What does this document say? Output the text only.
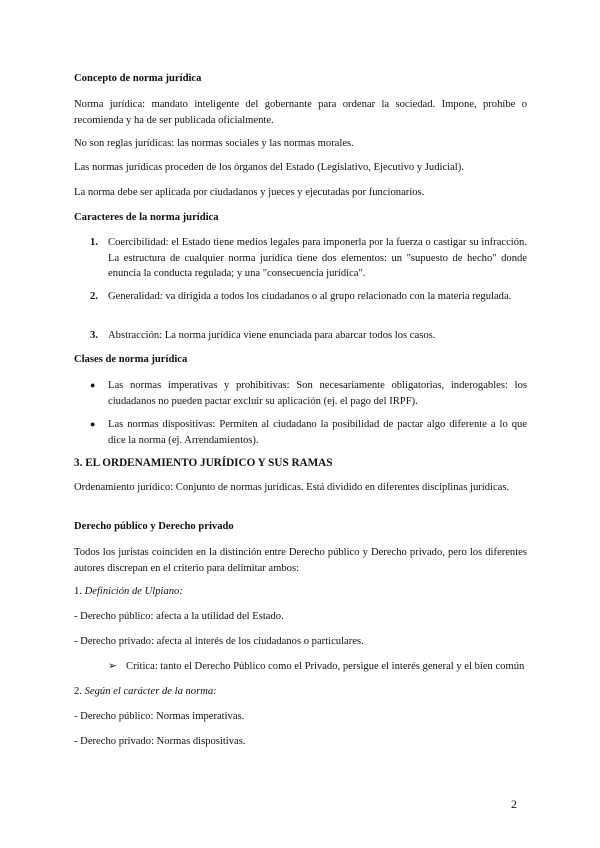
Concepto de norma jurídica
Norma jurídica: mandato inteligente del gobernante para ordenar la sociedad. Impone, prohíbe o recomienda y ha de ser publicada oficialmente.
No son reglas jurídicas: las normas sociales y las normas morales.
Las normas jurídicas proceden de los órganos del Estado (Legislativo, Ejecutivo y Judicial).
La norma debe ser aplicada por ciudadanos y jueces y ejecutadas por funcionarios.
Caracteres de la norma jurídica
1. Coercibilidad: el Estado tiene medios legales para imponerla por la fuerza o castigar su infracción. La estructura de cualquier norma jurídica tiene dos elementos: un "supuesto de hecho" donde enuncia la conducta regulada; y una "consecuencia jurídica".
2. Generalidad: va dirigida a todos los ciudadanos o al grupo relacionado con la materia regulada.
3. Abstracción: La norma jurídica viene enunciada para abarcar todos los casos.
Clases de norma jurídica
● Las normas imperativas y prohibitivas: Son necesariamente obligatorias, inderogables: los ciudadanos no pueden pactar excluir su aplicación (ej. el pago del IRPF).
● Las normas dispositivas: Permiten al ciudadano la posibilidad de pactar algo diferente a lo que dice la norma (ej. Arrendamientos).
3. EL ORDENAMIENTO JURÍDICO Y SUS RAMAS
Ordenamiento jurídico: Conjunto de normas jurídicas. Está dividido en diferentes disciplinas jurídicas.
Derecho público y Derecho privado
Todos los juristas coinciden en la distinción entre Derecho público y Derecho privado, pero los diferentes autores discrepan en el criterio para delimitar ambos:
1. Definición de Ulpiano:
- Derecho público: afecta a la utilidad del Estado.
- Derecho privado: afecta al interés de los ciudadanos o particulares.
➢ Crítica: tanto el Derecho Público como el Privado, persigue el interés general y el bien común
2. Según el carácter de la norma:
- Derecho público: Normas imperativas.
- Derecho privado: Normas dispositivas.
2
